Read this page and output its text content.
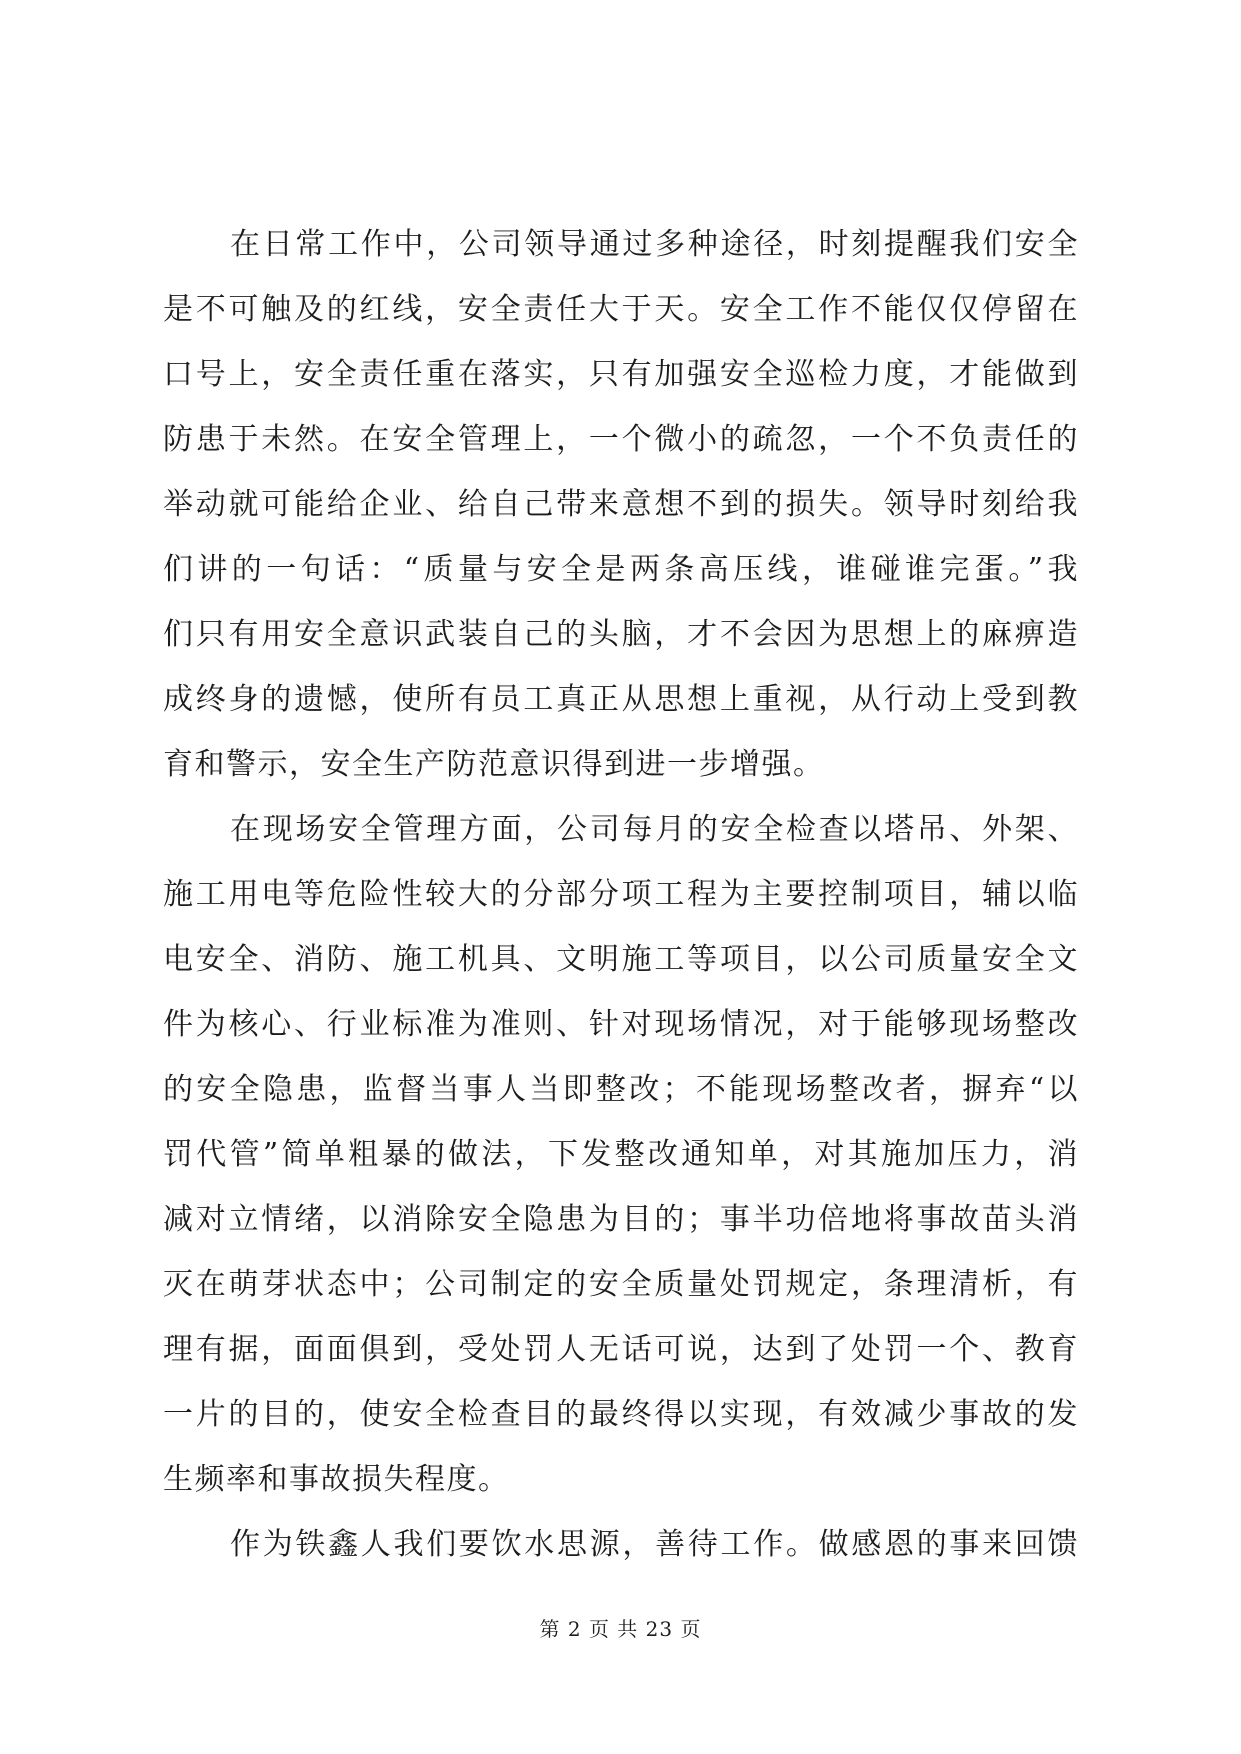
在日常工作中，公司领导通过多种途径，时刻提醒我们安全
是不可触及的红线，安全责任大于天。安全工作不能仅仅停留在
口号上，安全责任重在落实，只有加强安全巡检力度，才能做到
防患于未然。在安全管理上，一个微小的疏忽，一个不负责任的
举动就可能给企业、给自己带来意想不到的损失。领导时刻给我
们讲的一句话：“质量与安全是两条高压线，谁碰谁完蛋。”我
们只有用安全意识武装自己的头脑，才不会因为思想上的麻痹造
成终身的遗憾，使所有员工真正从思想上重视，从行动上受到教
育和警示，安全生产防范意识得到进一步增强。
在现场安全管理方面，公司每月的安全检查以塔吊、外架、
施工用电等危险性较大的分部分项工程为主要控制项目，辅以临
电安全、消防、施工机具、文明施工等项目，以公司质量安全文
件为核心、行业标准为准则、针对现场情况，对于能够现场整改
的安全隐患，监督当事人当即整改；不能现场整改者，摒弃“以
罚代管”简单粗暴的做法，下发整改通知单，对其施加压力，消
减对立情绪，以消除安全隐患为目的；事半功倍地将事故苗头消
灭在萌芽状态中；公司制定的安全质量处罚规定，条理清析，有
理有据，面面俱到，受处罚人无话可说，达到了处罚一个、教育
一片的目的，使安全检查目的最终得以实现，有效减少事故的发
生频率和事故损失程度。
作为铁鑫人我们要饮水思源，善待工作。做感恩的事来回馈
第 2 页 共 23 页
